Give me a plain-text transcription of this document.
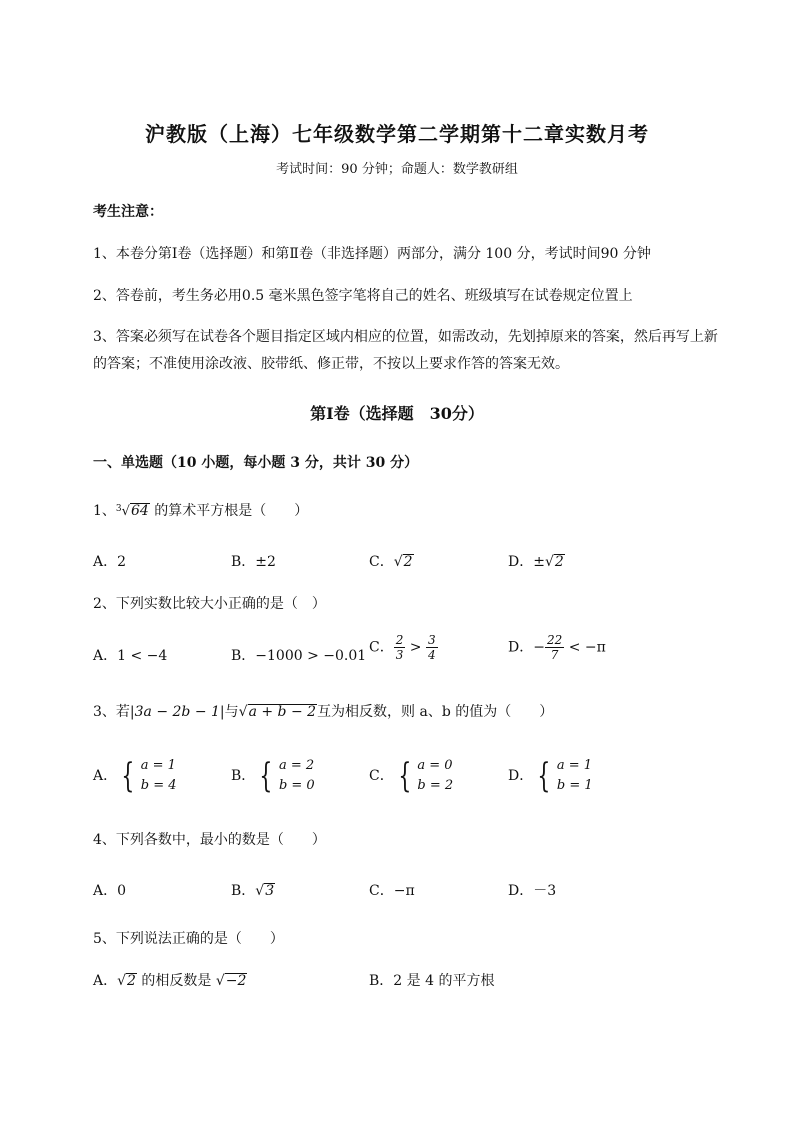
沪教版（上海）七年级数学第二学期第十二章实数月考
考试时间：90 分钟；命题人：数学教研组
考生注意：
1、本卷分第Ⅰ卷（选择题）和第Ⅱ卷（非选择题）两部分，满分 100 分，考试时间90 分钟
2、答卷前，考生务必用0.5 毫米黑色签字笔将自己的姓名、班级填写在试卷规定位置上
3、答案必须写在试卷各个题目指定区域内相应的位置，如需改动，先划掉原来的答案，然后再写上新
的答案；不准使用涂改液、胶带纸、修正带，不按以上要求作答的答案无效。
第Ⅰ卷（选择题　30分）
一、单选题（10 小题，每小题 3 分，共计 30 分）
1、$^3$√64 的算术平方根是（　　）
A．2	B．±2	C．√2	D．±√2
2、下列实数比较大小正确的是（　）
A．1 < −4	B．−1000 > −0.01
C． $\frac{2}{3} > \frac{3}{4}$	D．− $\frac{22}{7} < -\pi$
3、若|3a − 2b − 1|与√a + b − 2互为相反数，则 a、b 的值为（　　）
A． { a = 1
b = 4
B． { a = 2
b = 0
C． { a = 0
b = 2
D． { a = 1
b = 1
4、下列各数中，最小的数是（　　）
A．0	B．√3	C．−π	D．－3
5、下列说法正确的是（　　）
A．√2 的相反数是 √−2	B．2 是 4 的平方根
